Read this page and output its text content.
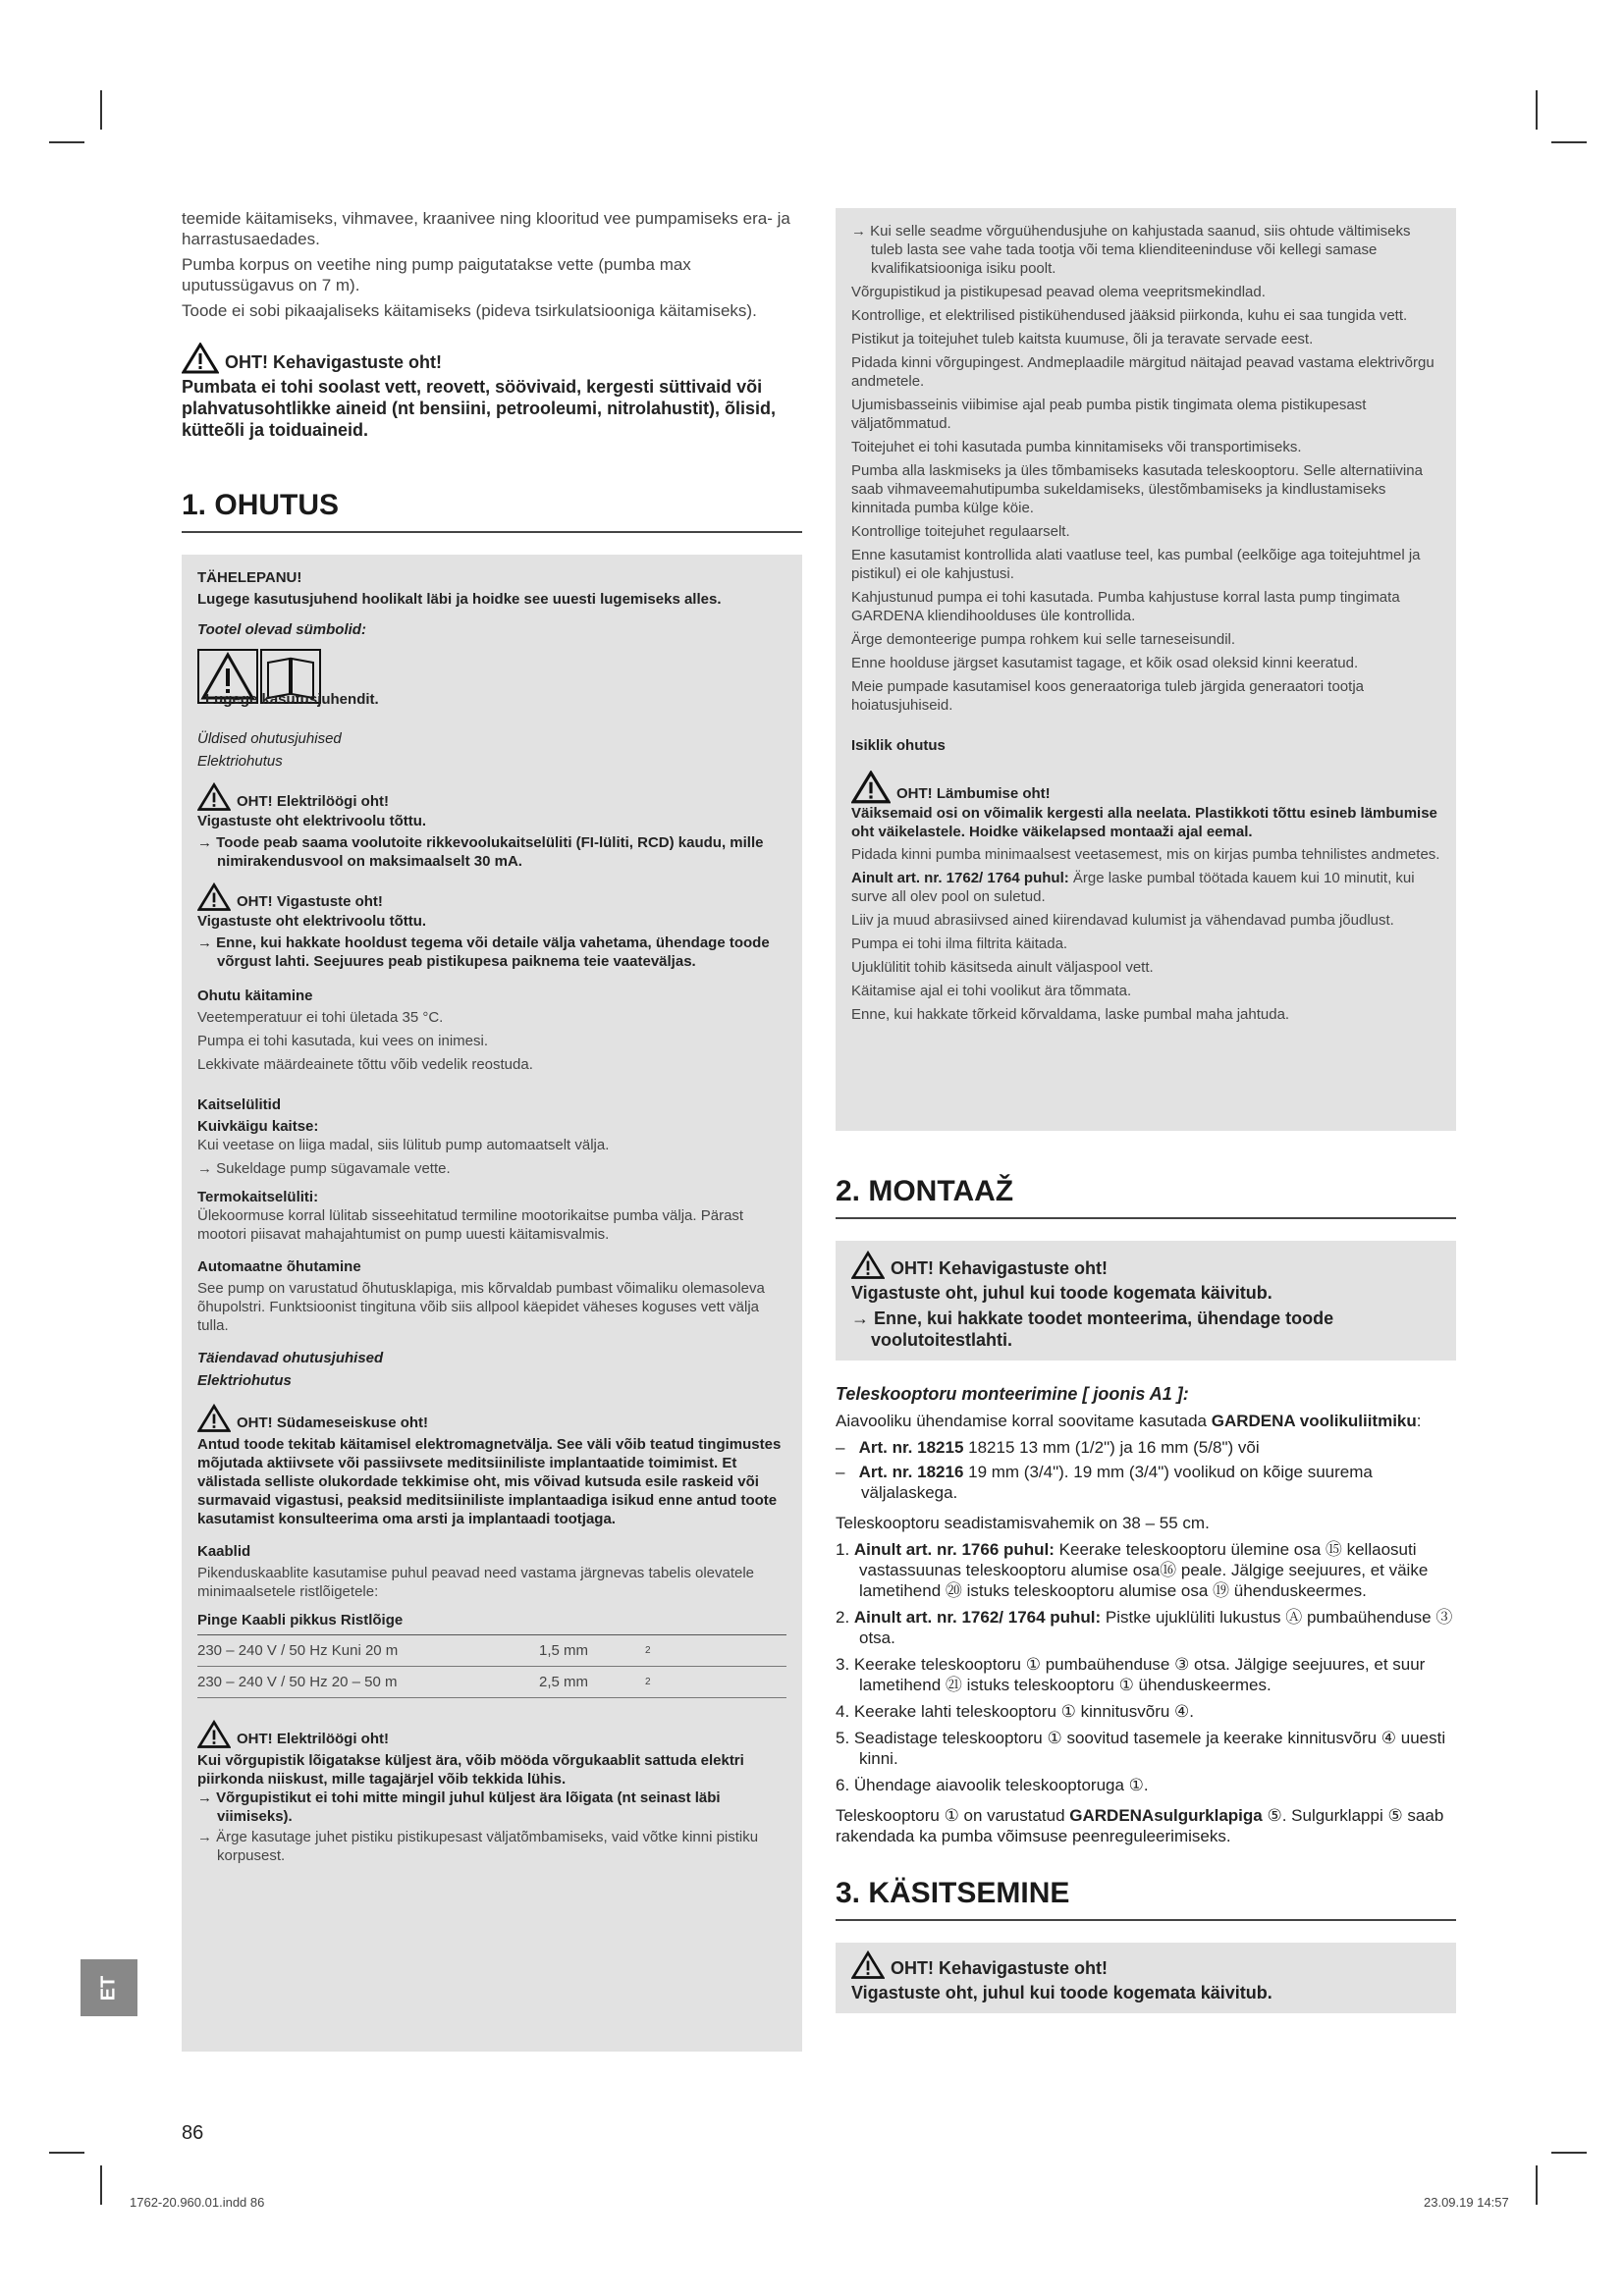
teemide käitamiseks, vihmavee, kraanivee ning klooritud vee pumpamiseks era- ja harrastusaedades.

Pumba korpus on veetihe ning pump paigutatakse vette (pumba max uputussügavus on 7 m).

Toode ei sobi pikaajaliseks käitamiseks (pideva tsirkulatsiooniga käitamiseks).

OHT! Kehavigastuste oht!

Pumbata ei tohi soolast vett, reovett, söövivaid, kergesti süttivaid või plahvatusohtlikke aineid (nt bensiini, petrooleumi, nitrolahustit), õlisid, kütteõli ja toiduaineid.

1. OHUTUS

TÄHELEPANU!

Lugege kasutusjuhend hoolikalt läbi ja hoidke see uuesti lugemiseks alles.

Tootel olevad sümbolid:

Lugege kasutusjuhendit.

Üldised ohutusjuhised

Elektriohutus

OHT! Elektrilöögi oht!

Vigastuste oht elektrivoolu tõttu.

→ Toode peab saama voolutoite rikkevoolukaitselüliti (FI-lüliti, RCD) kaudu, mille nimirakendusvool on maksimaalselt 30 mA.

OHT! Vigastuste oht!

Vigastuste oht elektrivoolu tõttu.

→ Enne, kui hakkate hooldust tegema või detaile välja vahetama, ühendage toode võrgust lahti. Seejuures peab pistikupesa paiknema teie vaateväljas.

Ohutu käitamine

Veetemperatuur ei tohi ületada 35 °C.

Pumpa ei tohi kasutada, kui vees on inimesi.

Lekkivate määrdeainete tõttu võib vedelik reostuda.

Kaitselülitid

Kuivkäigu kaitse:

Kui veetase on liiga madal, siis lülitub pump automaatselt välja.

→ Sukeldage pump sügavamale vette.

Termokaitselüliti:

Ülekoormuse korral lülitab sisseehitatud termiline mootorikaitse pumba välja. Pärast mootori piisavat mahajahtumist on pump uuesti käitamisvalmis.

Automaatne õhutamine

See pump on varustatud õhutusklapiga, mis kõrvaldab pumbast võimaliku olemasoleva õhupolstri. Funktsioonist tingituna võib siis allpool käepidet väheses koguses vett välja tulla.

Täiendavad ohutusjuhised

Elektriohutus

OHT! Südameseiskuse oht!

Antud toode tekitab käitamisel elektromagnetvälja. See väli võib teatud tingimustes mõjutada aktiivsete või passiivsete meditsiiniliste implantaatide toimimist. Et välistada selliste olukordade tekkimise oht, mis võivad kutsuda esile raskeid või surmavaid vigastusi, peaksid meditsiiniliste implantaadiga isikud enne antud toote kasutamist konsulteerima oma arsti ja implantaadi tootjaga.

Kaablid

Pikenduskaablite kasutamise puhul peavad need vastama järgnevas tabelis olevatele minimaalsetele ristlõigetele:

Pinge Kaabli pikkus Ristlõige		
230 – 240 V / 50 Hz Kuni 20 m	1,5 mm	2
230 – 240 V / 50 Hz 20 – 50 m	2,5 mm	2
OHT! Elektrilöögi oht!

Kui võrgupistik lõigatakse küljest ära, võib mööda võrgukaablit sattuda elektri piirkonda niiskust, mille tagajärjel võib tekkida lühis.

→ Võrgupistikut ei tohi mitte mingil juhul küljest ära lõigata (nt seinast läbi viimiseks).

→ Ärge kasutage juhet pistiku pistikupesast väljatõmbamiseks, vaid võtke kinni pistiku korpusest.

→ Kui selle seadme võrguühendusjuhe on kahjustada saanud, siis ohtude vältimiseks tuleb lasta see vahe tada tootja või tema klienditeeninduse või kellegi samase kvalifikatsiooniga isiku poolt.

Võrgupistikud ja pistikupesad peavad olema veepritsmekindlad.

Kontrollige, et elektrilised pistikühendused jääksid piirkonda, kuhu ei saa tungida vett.

Pistikut ja toitejuhet tuleb kaitsta kuumuse, õli ja teravate servade eest.

Pidada kinni võrgupingest. Andmeplaadile märgitud näitajad peavad vastama elektrivõrgu andmetele.

Ujumisbasseinis viibimise ajal peab pumba pistik tingimata olema pistikupesast väljatõmmatud.

Toitejuhet ei tohi kasutada pumba kinnitamiseks või transportimiseks.

Pumba alla laskmiseks ja üles tõmbamiseks kasutada teleskooptoru. Selle alternatiivina saab vihmaveemahutipumba sukeldamiseks, ülestõmbamiseks ja kindlustamiseks kinnitada pumba külge köie.

Kontrollige toitejuhet regulaarselt.

Enne kasutamist kontrollida alati vaatluse teel, kas pumbal (eelkõige aga toitejuhtmel ja pistikul) ei ole kahjustusi.

Kahjustunud pumpa ei tohi kasutada. Pumba kahjustuse korral lasta pump tingimata GARDENA kliendihoolduses üle kontrollida.

Ärge demonteerige pumpa rohkem kui selle tarneseisundil.

Enne hoolduse järgset kasutamist tagage, et kõik osad oleksid kinni keeratud.

Meie pumpade kasutamisel koos generaatoriga tuleb järgida generaatori tootja hoiatusjuhiseid.

Isiklik ohutus

OHT! Lämbumise oht!

Väiksemaid osi on võimalik kergesti alla neelata. Plastikkoti tõttu esineb lämbumise oht väikelastele. Hoidke väikelapsed montaaži ajal eemal.

Pidada kinni pumba minimaalsest veetasemest, mis on kirjas pumba tehnilistes andmetes.

Ainult art. nr. 1762/ 1764 puhul: Ärge laske pumbal töötada kauem kui 10 minutit, kui surve all olev pool on suletud.

Liiv ja muud abrasiivsed ained kiirendavad kulumist ja vähendavad pumba jõudlust.

Pumpa ei tohi ilma filtrita käitada.

Ujuklülitit tohib käsitseda ainult väljaspool vett.

Käitamise ajal ei tohi voolikut ära tõmmata.

Enne, kui hakkate tõrkeid kõrvaldama, laske pumbal maha jahtuda.

2. MONTAAŽ
OHT! Kehavigastuste oht!

Vigastuste oht, juhul kui toode kogemata käivitub.

→ Enne, kui hakkate toodet monteerima, ühendage toode voolutoitestlahti.

Teleskooptoru monteerimine [ joonis A1 ]:

Aiavooliku ühendamise korral soovitame kasutada GARDENA voolikuliitmiku:

–   Art. nr. 18215 18215 13 mm (1/2") ja 16 mm (5/8") või

–   Art. nr. 18216 19 mm (3/4"). 19 mm (3/4") voolikud on kõige suurema väljalaskega.

Teleskooptoru seadistamisvahemik on 38 – 55 cm.

1. Ainult art. nr. 1766 puhul: Keerake teleskooptoru ülemine osa ⑮ kellaosuti vastassuunas teleskooptoru alumise osa⑯ peale. Jälgige seejuures, et väike lametihend ⑳ istuks teleskooptoru alumise osa ⑲ ühenduskeermes.

2. Ainult art. nr. 1762/ 1764 puhul: Pistke ujuklüliti lukustus Ⓐ pumbaühenduse ③ otsa.

3. Keerake teleskooptoru ① pumbaühenduse ③ otsa. Jälgige seejuures, et suur lametihend ㉑ istuks teleskooptoru ① ühenduskeermes.

4. Keerake lahti teleskooptoru ① kinnitusvõru ④.

5. Seadistage teleskooptoru ① soovitud tasemele ja keerake kinnitusvõru ④ uuesti kinni.

6. Ühendage aiavoolik teleskooptoruga ①.

Teleskooptoru ① on varustatud GARDENAsulgurklapiga ⑤. Sulgurklappi ⑤ saab rakendada ka pumba võimsuse peenreguleerimiseks.

3. KÄSITSEMINE
OHT! Kehavigastuste oht!

Vigastuste oht, juhul kui toode kogemata käivitub.

ET
86
1762-20.960.01.indd 86	23.09.19 14:57
